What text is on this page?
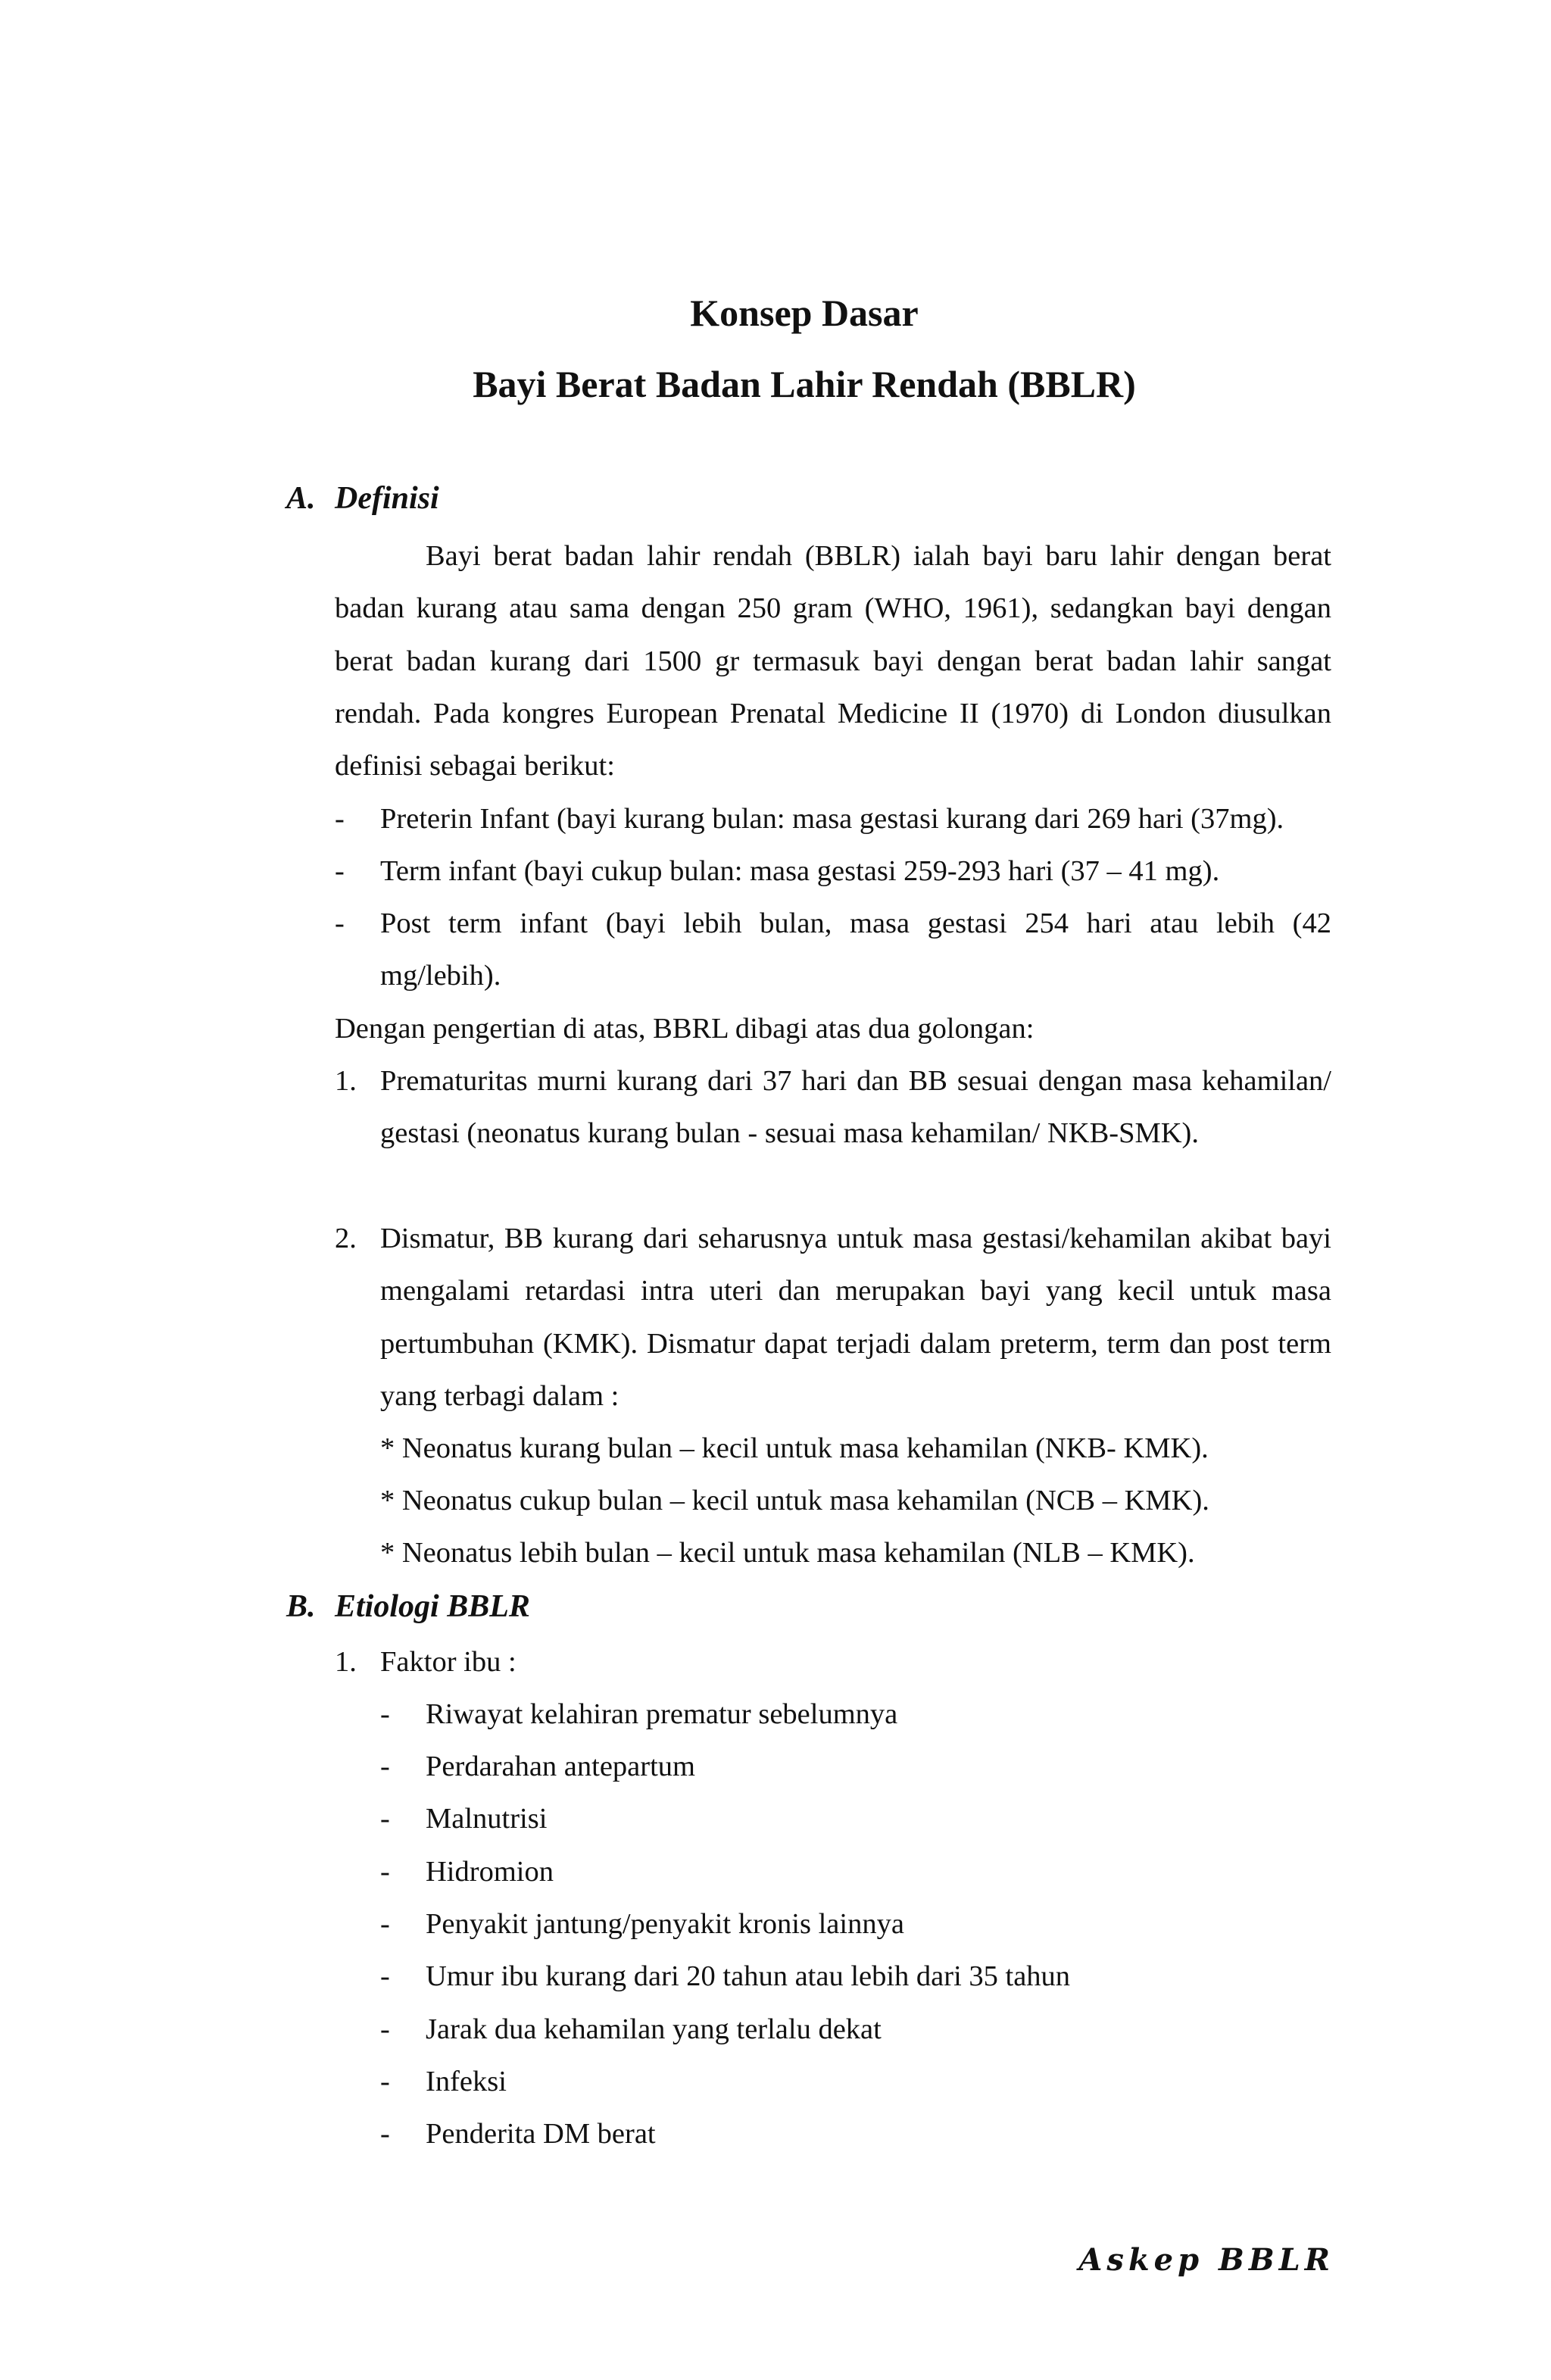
Konsep Dasar
Bayi Berat Badan Lahir Rendah (BBLR)
A. Definisi
Bayi berat badan lahir rendah (BBLR) ialah bayi baru lahir dengan berat badan kurang atau sama dengan 250 gram (WHO, 1961), sedangkan bayi dengan berat badan kurang dari 1500 gr termasuk bayi dengan berat badan lahir sangat rendah. Pada kongres European Prenatal Medicine II (1970) di London diusulkan definisi sebagai berikut:
- Preterin Infant (bayi kurang bulan: masa gestasi kurang dari 269 hari (37mg).
- Term infant (bayi cukup bulan: masa gestasi 259-293 hari (37 – 41 mg).
- Post term infant (bayi lebih bulan, masa gestasi 254 hari atau lebih (42 mg/lebih).
Dengan pengertian di atas, BBRL dibagi atas dua golongan:
1. Prematuritas murni kurang dari 37 hari dan BB sesuai dengan masa kehamilan/ gestasi (neonatus kurang bulan - sesuai masa kehamilan/ NKB-SMK).
2. Dismatur, BB kurang dari seharusnya untuk masa gestasi/kehamilan akibat bayi mengalami retardasi intra uteri dan merupakan bayi yang kecil untuk masa pertumbuhan (KMK). Dismatur dapat terjadi dalam preterm, term dan post term yang terbagi dalam :
* Neonatus kurang bulan – kecil untuk masa kehamilan (NKB- KMK).
* Neonatus cukup bulan – kecil untuk masa kehamilan (NCB – KMK).
* Neonatus lebih bulan – kecil untuk masa kehamilan (NLB – KMK).
B. Etiologi BBLR
1. Faktor ibu :
- Riwayat kelahiran prematur sebelumnya
- Perdarahan antepartum
- Malnutrisi
- Hidromion
- Penyakit jantung/penyakit kronis lainnya
- Umur ibu kurang dari 20 tahun atau lebih dari 35 tahun
- Jarak dua kehamilan yang terlalu dekat
- Infeksi
- Penderita DM berat
Askep BBLR
